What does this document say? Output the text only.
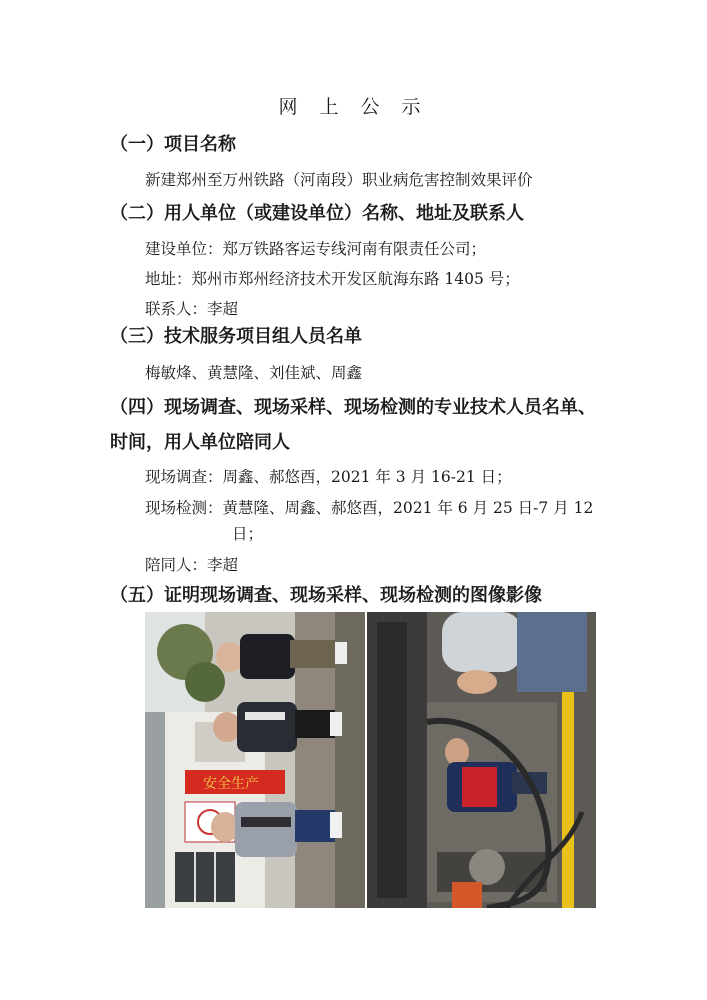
网 上 公 示
（一）项目名称
新建郑州至万州铁路（河南段）职业病危害控制效果评价
（二）用人单位（或建设单位）名称、地址及联系人
建设单位：郑万铁路客运专线河南有限责任公司；
地址：郑州市郑州经济技术开发区航海东路 1405 号；
联系人：李超
（三）技术服务项目组人员名单
梅敏烽、黄慧隆、刘佳斌、周鑫
（四）现场调查、现场采样、现场检测的专业技术人员名单、
时间，用人单位陪同人
现场调查：周鑫、郝悠酉，2021 年 3 月 16-21 日；
现场检测：黄慧隆、周鑫、郝悠酉，2021 年 6 月 25 日-7 月 12
日；
陪同人：李超
（五）证明现场调查、现场采样、现场检测的图像影像
安全生产
